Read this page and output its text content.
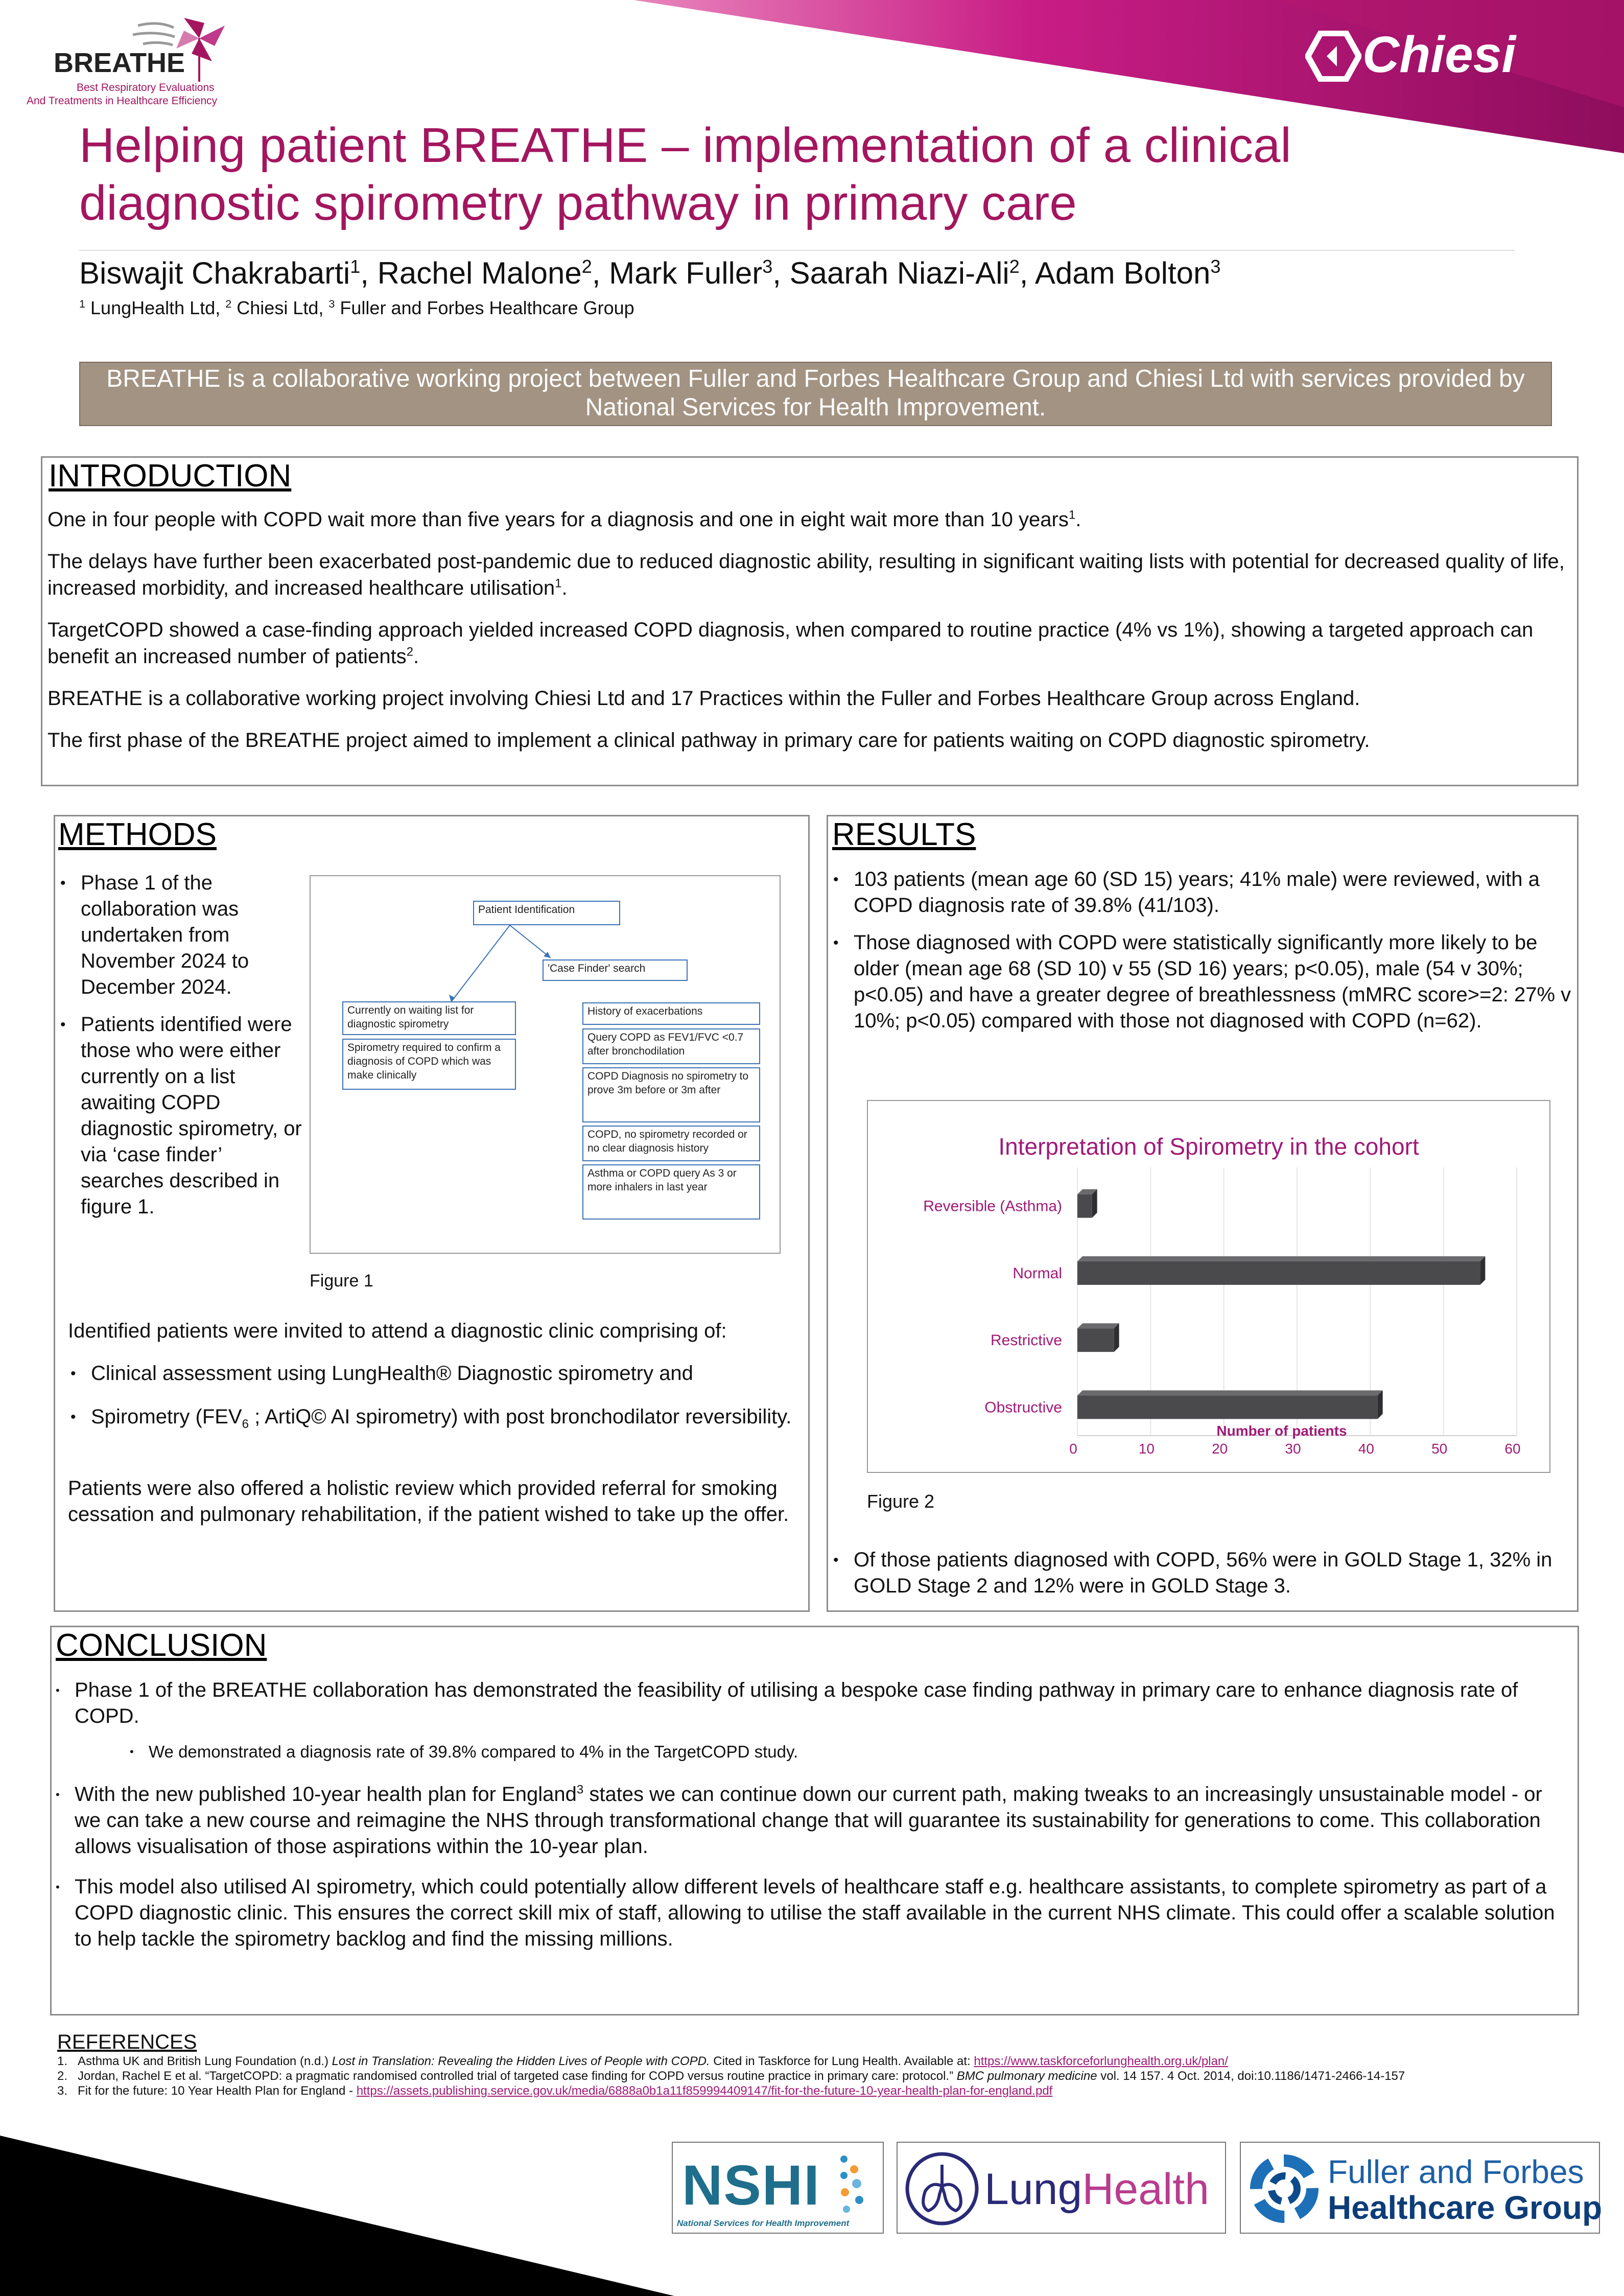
BREATHE
Best Respiratory Evaluations
And Treatments in Healthcare Efficiency
Chiesi
Helping patient BREATHE – implementation of a clinical
diagnostic spirometry pathway in primary care
Biswajit Chakrabarti$^1$, Rachel Malone$^2$, Mark Fuller$^3$, Saarah Niazi-Ali$^2$, Adam Bolton$^3$
$^1$ LungHealth Ltd, $^2$ Chiesi Ltd, $^3$ Fuller and Forbes Healthcare Group
BREATHE is a collaborative working project between Fuller and Forbes Healthcare Group and Chiesi Ltd with services provided by National Services for Health Improvement.
INTRODUCTION

One in four people with COPD wait more than five years for a diagnosis and one in eight wait more than 10 years$^1$.

The delays have further been exacerbated post-pandemic due to reduced diagnostic ability, resulting in significant waiting lists with potential for decreased quality of life, increased morbidity, and increased healthcare utilisation$^1$.

TargetCOPD showed a case-finding approach yielded increased COPD diagnosis, when compared to routine practice (4% vs 1%), showing a targeted approach can benefit an increased number of patients$^2$.

BREATHE is a collaborative working project involving Chiesi Ltd and 17 Practices within the Fuller and Forbes Healthcare Group across England.

The first phase of the BREATHE project aimed to implement a clinical pathway in primary care for patients waiting on COPD diagnostic spirometry.

METHODS
• Phase 1 of the collaboration was undertaken from November 2024 to December 2024.
• Patients identified were those who were either currently on a list awaiting COPD diagnostic spirometry, or via ‘case finder’ searches described in figure 1.
Patient Identification
'Case Finder' search
Currently on waiting list for diagnostic spirometry
Spirometry required to confirm a diagnosis of COPD which was make clinically
History of exacerbations
Query COPD as FEV1/FVC <0.7 after bronchodilation
COPD Diagnosis no spirometry to prove 3m before or 3m after
COPD, no spirometry recorded or no clear diagnosis history
Asthma or COPD query As 3 or more inhalers in last year
Figure 1
Identified patients were invited to attend a diagnostic clinic comprising of:
• Clinical assessment using LungHealth® Diagnostic spirometry and
• Spirometry ($FEV_6$ ; ArtiQ© AI spirometry) with post bronchodilator reversibility.
Patients were also offered a holistic review which provided referral for smoking cessation and pulmonary rehabilitation, if the patient wished to take up the offer.
RESULTS
• 103 patients (mean age 60 (SD 15) years; 41% male) were reviewed, with a COPD diagnosis rate of 39.8% (41/103).
• Those diagnosed with COPD were statistically significantly more likely to be older (mean age 68 (SD 10) v 55 (SD 16) years; p<0.05), male (54 v 30%; p<0.05) and have a greater degree of breathlessness (mMRC score>=2: 27% v 10%; p<0.05) compared with those not diagnosed with COPD (n=62).
Interpretation of Spirometry in the cohort
Reversible (Asthma)
Normal
Restrictive
Obstructive
0	10	20	30	40	50	60
Number of patients
Figure 2
• Of those patients diagnosed with COPD, 56% were in GOLD Stage 1, 32% in GOLD Stage 2 and 12% were in GOLD Stage 3.
CONCLUSION
• Phase 1 of the BREATHE collaboration has demonstrated the feasibility of utilising a bespoke case finding pathway in primary care to enhance diagnosis rate of COPD.
• We demonstrated a diagnosis rate of 39.8% compared to 4% in the TargetCOPD study.
• With the new published 10-year health plan for England$^3$ states we can continue down our current path, making tweaks to an increasingly unsustainable model - or we can take a new course and reimagine the NHS through transformational change that will guarantee its sustainability for generations to come. This collaboration allows visualisation of those aspirations within the 10-year plan.
• This model also utilised AI spirometry, which could potentially allow different levels of healthcare staff e.g. healthcare assistants, to complete spirometry as part of a COPD diagnostic clinic. This ensures the correct skill mix of staff, allowing to utilise the staff available in the current NHS climate. This could offer a scalable solution to help tackle the spirometry backlog and find the missing millions.
REFERENCES
1. Asthma UK and British Lung Foundation (n.d.) Lost in Translation: Revealing the Hidden Lives of People with COPD. Cited in Taskforce for Lung Health. Available at: https://www.taskforceforlunghealth.org.uk/plan/
2. Jordan, Rachel E et al. “TargetCOPD: a pragmatic randomised controlled trial of targeted case finding for COPD versus routine practice in primary care: protocol.” BMC pulmonary medicine vol. 14 157. 4 Oct. 2014, doi:10.1186/1471-2466-14-157
3. Fit for the future: 10 Year Health Plan for England - https://assets.publishing.service.gov.uk/media/6888a0b1a11f859994409147/fit-for-the-future-10-year-health-plan-for-england.pdf
NSHI
National Services for Health Improvement
LungHealth	Fuller and Forbes
Healthcare Group
